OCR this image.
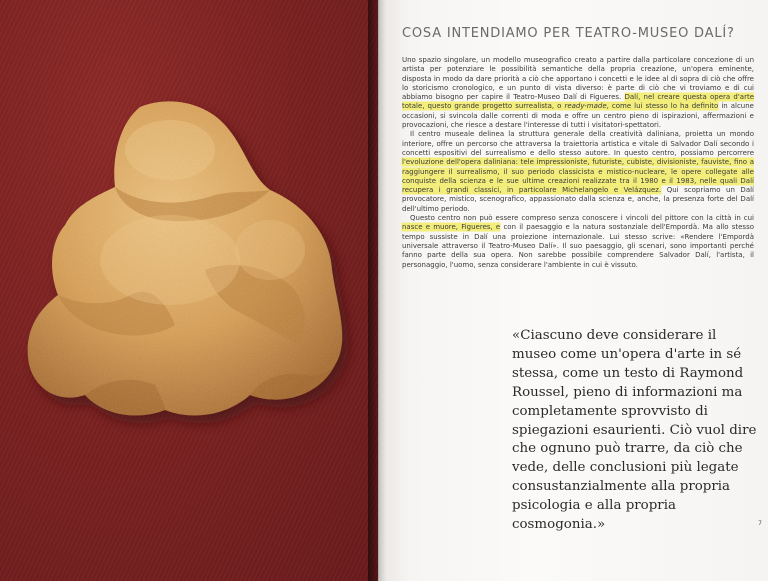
COSA INTENDIAMO PER TEATRO-MUSEO DALÍ?

Uno spazio singolare, un modello museografico creato a partire dalla particolare concezione di un artista per potenziare le possibilità semantiche della propria creazione, un'opera eminente, disposta in modo da dare priorità a ciò che apportano i concetti e le idee al di sopra di ciò che offre lo storicismo cronologico, e un punto di vista diverso: è parte di ciò che vi troviamo e di cui abbiamo bisogno per capire il Teatro-Museo Dalí di Figueres. Dalí, nel creare questa opera d'arte totale, questo grande progetto surrealista, o ready-made, come lui stesso lo ha definito in alcune occasioni, si svincola dalle correnti di moda e offre un centro pieno di ispirazioni, affermazioni e provocazioni, che riesce a destare l'interesse di tutti i visitatori-spettatori.

Il centro museale delinea la struttura generale della creatività daliniana, proietta un mondo interiore, offre un percorso che attraversa la traiettoria artistica e vitale di Salvador Dalí secondo i concetti espositivi del surrealismo e dello stesso autore. In questo centro, possiamo percorrere l'evoluzione dell'opera daliniana: tele impressioniste, futuriste, cubiste, divisioniste, fauviste, fino a raggiungere il surrealismo, il suo periodo classicista e mistico-nucleare, le opere collegate alle conquiste della scienza e le sue ultime creazioni realizzate tra il 1980 e il 1983, nelle quali Dalí recupera i grandi classici, in particolare Michelangelo e Velázquez. Qui scopriamo un Dalí provocatore, mistico, scenografico, appassionato dalla scienza e, anche, la presenza forte del Dalí dell'ultimo periodo.

Questo centro non può essere compreso senza conoscere i vincoli del pittore con la città in cui nasce e muore, Figueres, e con il paesaggio e la natura sostanziale dell'Empordà. Ma allo stesso tempo sussiste in Dalí una proiezione internazionale. Lui stesso scrive: «Rendere l'Empordà universale attraverso il Teatro-Museo Dalí». Il suo paesaggio, gli scenari, sono importanti perché fanno parte della sua opera. Non sarebbe possibile comprendere Salvador Dalí, l'artista, il personaggio, l'uomo, senza considerare l'ambiente in cui è vissuto.

«Ciascuno deve considerare il museo come un'opera d'arte in sé stessa, come un testo di Raymond Roussel, pieno di informazioni ma completamente sprovvisto di spiegazioni esaurienti. Ciò vuol dire che ognuno può trarre, da ciò che vede, delle conclusioni più legate consustanzialmente alla propria psicologia e alla propria cosmogonia.»	7
